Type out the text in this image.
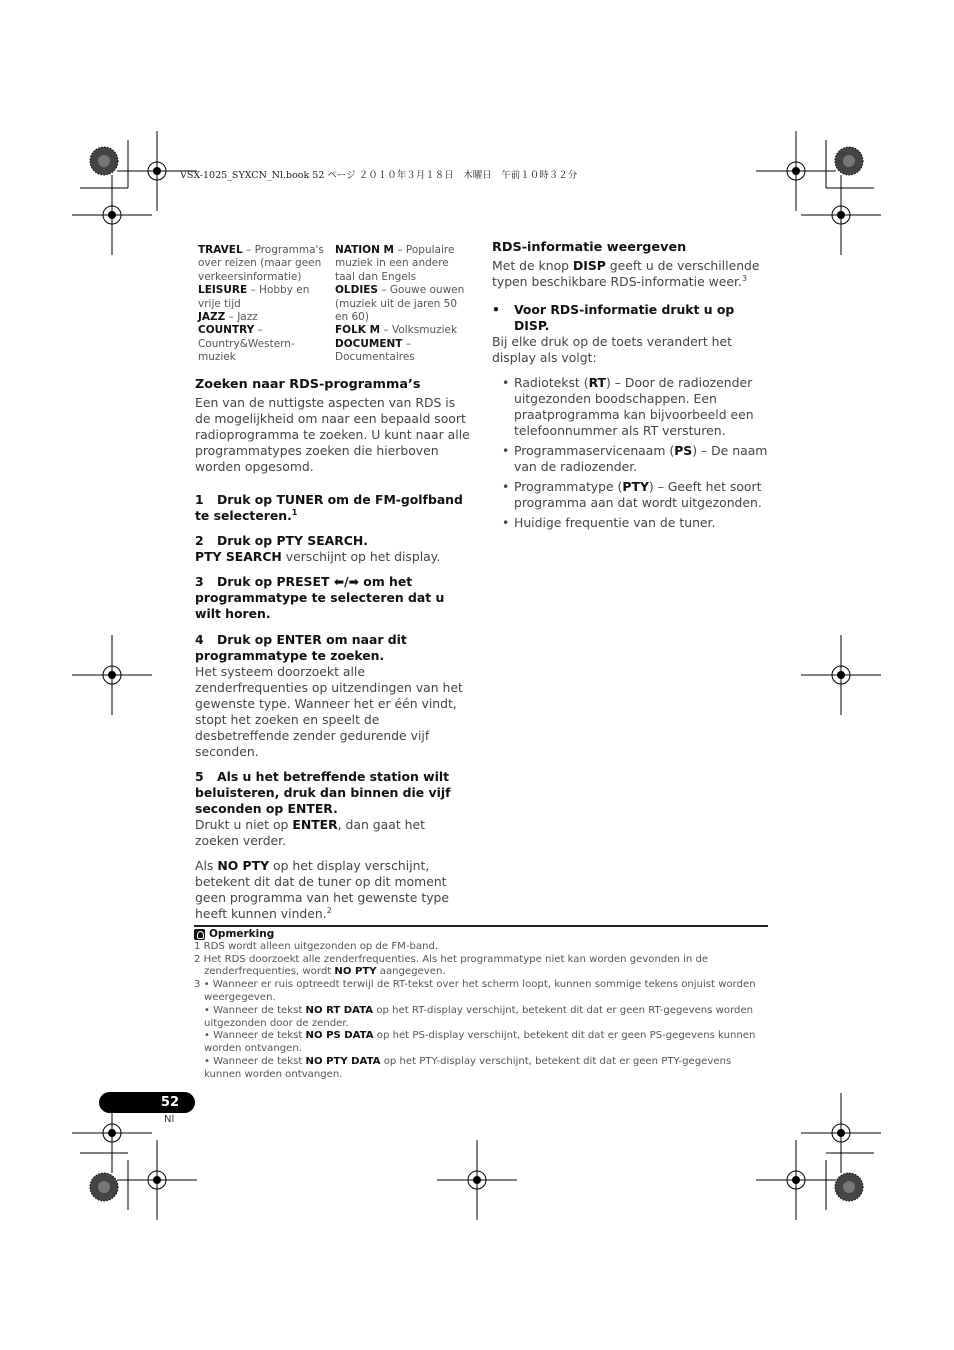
VSX-1025_SYXCN_Nl.book 52 ページ ２０１０年３月１８日　木曜日　午前１０時３２分
TRAVEL – Programma's over reizen (maar geen verkeersinformatie)
LEISURE – Hobby en vrije tijd
JAZZ – Jazz
COUNTRY – Country&Western-muziek
NATION M – Populaire muziek in een andere taal dan Engels
OLDIES – Gouwe ouwen (muziek uit de jaren 50 en 60)
FOLK M – Volksmuziek
DOCUMENT – Documentaires
Zoeken naar RDS-programma’s

Een van de nuttigste aspecten van RDS is de mogelijkheid om naar een bepaald soort radioprogramma te zoeken. U kunt naar alle programmatypes zoeken die hierboven worden opgesomd.

1 Druk op TUNER om de FM-golfband te selecteren.$^1$

2 Druk op PTY SEARCH.

PTY SEARCH verschijnt op het display.

3 Druk op PRESET ⬅/➡ om het programmatype te selecteren dat u wilt horen.

4 Druk op ENTER om naar dit programmatype te zoeken.

Het systeem doorzoekt alle zenderfrequenties op uitzendingen van het gewenste type. Wanneer het er één vindt, stopt het zoeken en speelt de desbetreffende zender gedurende vijf seconden.

5 Als u het betreffende station wilt beluisteren, druk dan binnen die vijf seconden op ENTER.

Drukt u niet op ENTER, dan gaat het zoeken verder.

Als NO PTY op het display verschijnt, betekent dit dat de tuner op dit moment geen programma van het gewenste type heeft kunnen vinden.$^2$

RDS-informatie weergeven

Met de knop DISP geeft u de verschillende typen beschikbare RDS-informatie weer.$^3$

• Voor RDS-informatie drukt u op DISP.

Bij elke druk op de toets verandert het display als volgt:

• Radiotekst (RT) – Door de radiozender uitgezonden boodschappen. Een praatprogramma kan bijvoorbeeld een telefoonnummer als RT versturen.
• Programmaservicenaam (PS) – De naam van de radiozender.
• Programmatype (PTY) – Geeft het soort programma aan dat wordt uitgezonden.
• Huidige frequentie van de tuner.
Opmerking
1 RDS wordt alleen uitgezonden op de FM-band.
2 Het RDS doorzoekt alle zenderfrequenties. Als het programmatype niet kan worden gevonden in de zenderfrequenties, wordt NO PTY aangegeven.
3 • Wanneer er ruis optreedt terwijl de RT-tekst over het scherm loopt, kunnen sommige tekens onjuist worden weergegeven.
• Wanneer de tekst NO RT DATA op het RT-display verschijnt, betekent dit dat er geen RT-gegevens worden uitgezonden door de zender.
• Wanneer de tekst NO PS DATA op het PS-display verschijnt, betekent dit dat er geen PS-gegevens kunnen worden ontvangen.
• Wanneer de tekst NO PTY DATA op het PTY-display verschijnt, betekent dit dat er geen PTY-gegevens kunnen worden ontvangen.
52
Nl
